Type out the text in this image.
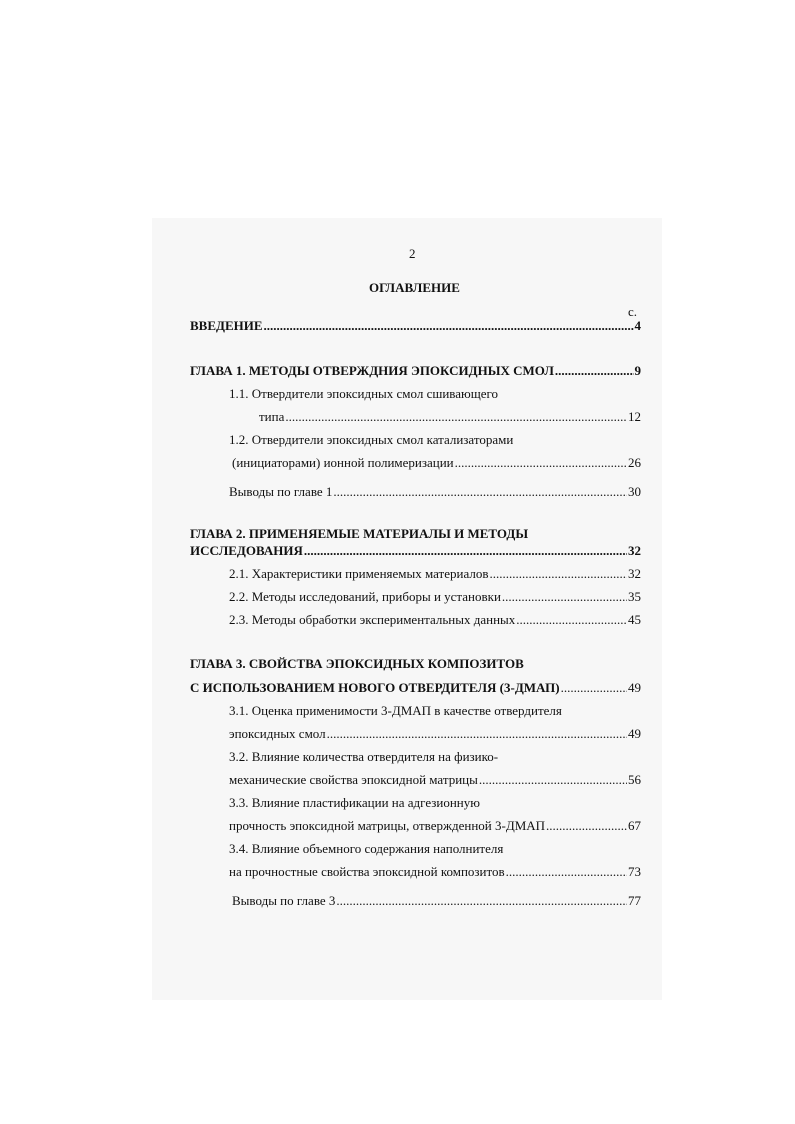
2
ОГЛАВЛЕНИЕ
с.
ВВЕДЕНИЕ .....	4
ГЛАВА 1. МЕТОДЫ ОТВЕРЖДНИЯ ЭПОКСИДНЫХ СМОЛ .....	9
1.1. Отвердители эпоксидных смол сшивающего
типа .....	12
1.2. Отвердители эпоксидных смол катализаторами
(инициаторами) ионной полимеризации .....	26
Выводы по главе 1 .....	30
ГЛАВА 2. ПРИМЕНЯЕМЫЕ МАТЕРИАЛЫ И МЕТОДЫ
ИССЛЕДОВАНИЯ .....	32
2.1. Характеристики применяемых материалов .....	32
2.2. Методы исследований, приборы и установки .....	35
2.3. Методы обработки экспериментальных данных .....	45
ГЛАВА 3. СВОЙСТВА ЭПОКСИДНЫХ КОМПОЗИТОВ
С ИСПОЛЬЗОВАНИЕМ НОВОГО ОТВЕРДИТЕЛЯ (3-ДМАП) .....	49
3.1. Оценка применимости 3-ДМАП в качестве отвердителя
эпоксидных смол .....	49
3.2. Влияние количества отвердителя на физико-
механические свойства эпоксидной матрицы .....	56
3.3. Влияние пластификации на адгезионную
прочность эпоксидной матрицы, отвержденной 3-ДМАП .....	67
3.4. Влияние объемного содержания наполнителя
на прочностные свойства эпоксидной композитов .....	73
Выводы по главе 3 .....	77
